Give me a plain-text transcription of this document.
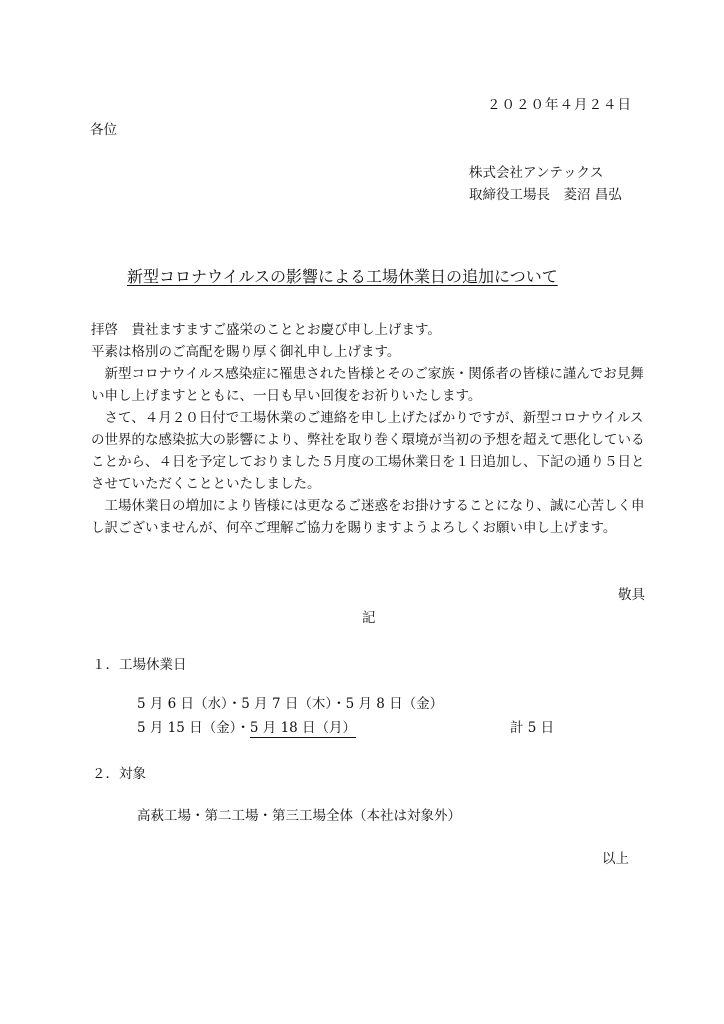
２０２０年４月２４日
各位
株式会社アンテックス
取締役工場長　菱沼 昌弘
新型コロナウイルスの影響による工場休業日の追加について

拝啓　貴社ますますご盛栄のこととお慶び申し上げます。

平素は格別のご高配を賜り厚く御礼申し上げます。

　新型コロナウイルス感染症に罹患された皆様とそのご家族・関係者の皆様に謹んでお見舞い申し上げますとともに、一日も早い回復をお祈りいたします。

　さて、４月２０日付で工場休業のご連絡を申し上げたばかりですが、新型コロナウイルスの世界的な感染拡大の影響により、弊社を取り巻く環境が当初の予想を超えて悪化していることから、４日を予定しておりました５月度の工場休業日を１日追加し、下記の通り５日とさせていただくことといたしました。

　工場休業日の増加により皆様には更なるご迷惑をお掛けすることになり、誠に心苦しく申し訳ございませんが、何卒ご理解ご協力を賜りますようよろしくお願い申し上げます。

敬具
記
１．工場休業日
5 月 6 日（水）・5 月 7 日（木）・5 月 8 日（金）
5 月 15 日（金）・5 月 18 日（月）	計 5 日
２．対象
高萩工場・第二工場・第三工場全体（本社は対象外）
以上
